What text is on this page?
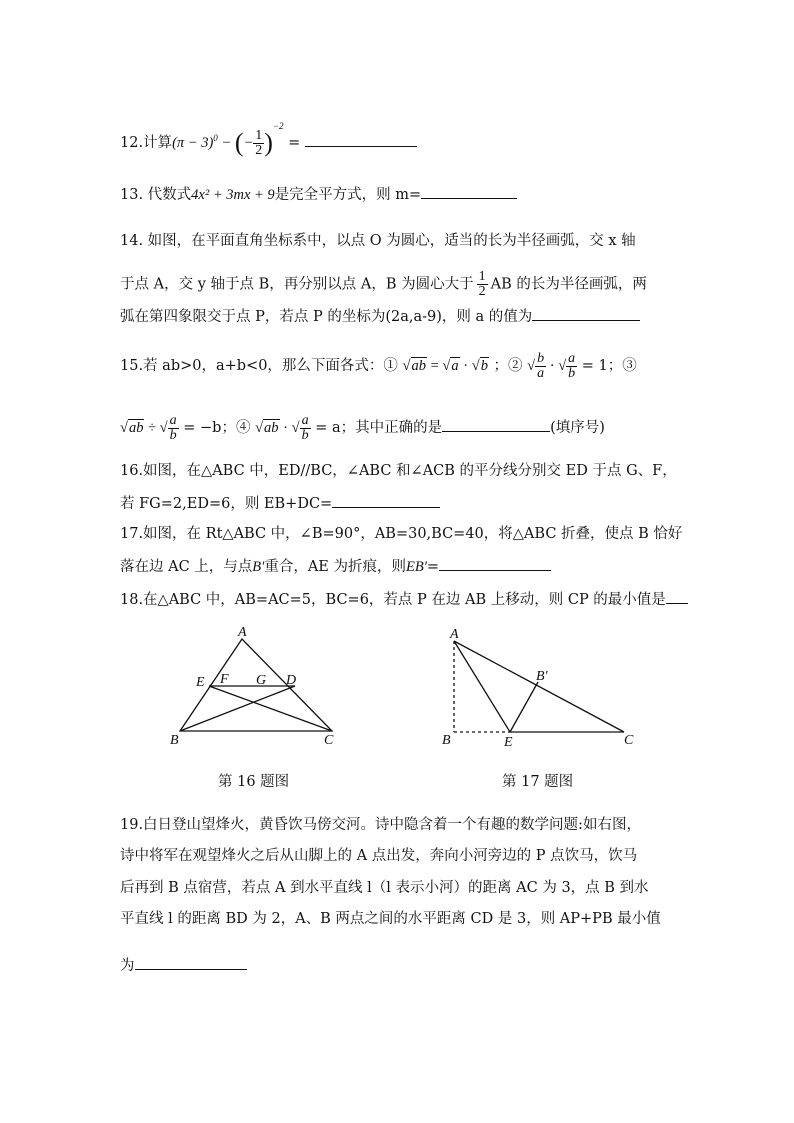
12.计算$(\pi - 3)^0$ − (− $\frac{1}{2} )^{-2}$ =
13. 代数式4x² + 3mx + 9是完全平方式，则 m=
14. 如图，在平面直角坐标系中，以点 O 为圆心，适当的长为半径画弧，交 x 轴
于点 A，交 y 轴于点 B，再分别以点 A，B 为圆心大于 $\frac{1}{2}$ AB 的长为半径画弧，两
弧在第四象限交于点 P，若点 P 的坐标为(2a,a-9)，则 a 的值为
15.若 ab>0，a+b<0，那么下面各式：① √ab = √a · √b ；② √ $\frac{b}{a}$ · √ $\frac{a}{b} = 1$；③
√ab ÷ √ $\frac{a}{b} = -b$；④ √ab · √ $\frac{a}{b} = a$；其中正确的是	(填序号)
16.如图，在△ABC 中，ED//BC，∠ABC 和∠ACB 的平分线分别交 ED 于点 G、F，
若 FG=2,ED=6，则 EB+DC=
17.如图，在 Rt△ABC 中，∠B=90°，AB=30,BC=40，将△ABC 折叠，使点 B 恰好
落在边 AC 上，与点B′重合，AE 为折痕，则EB′=
18.在△ABC 中，AB=AC=5，BC=6，若点 P 在边 AB 上移动，则 CP 的最小值是
A
E F G D
B	C
第 16 题图
A
B′
B	E	C
第 17 题图
19.白日登山望烽火，黄昏饮马傍交河。诗中隐含着一个有趣的数学问题:如右图，
诗中将军在观望烽火之后从山脚上的 A 点出发，奔向小河旁边的 P 点饮马，饮马
后再到 B 点宿营，若点 A 到水平直线 l（l 表示小河）的距离 AC 为 3，点 B 到水
平直线 l 的距离 BD 为 2，A、B 两点之间的水平距离 CD 是 3，则 AP+PB 最小值
为
